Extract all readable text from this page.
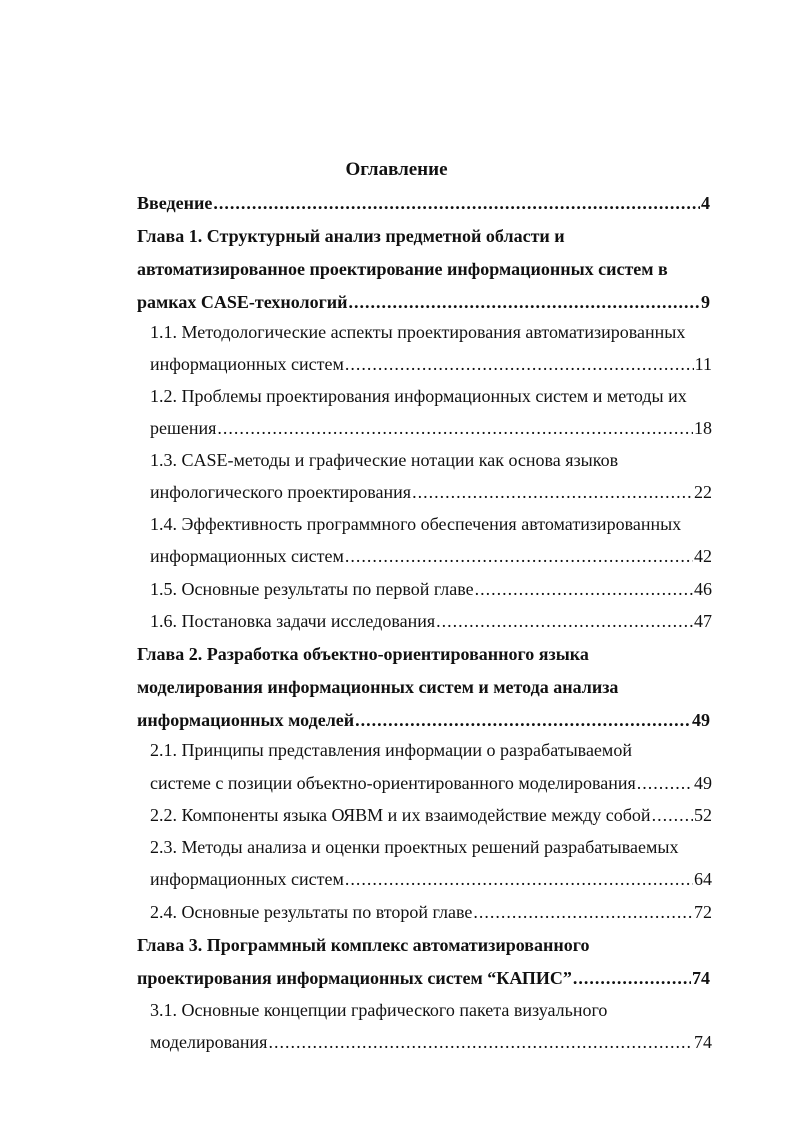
Оглавление
Введение .....	4
Глава 1. Структурный анализ предметной области и
автоматизированное проектирование информационных систем в
рамках CASE-технологий .....	9
1.1. Методологические аспекты проектирования автоматизированных
информационных систем .....	11
1.2. Проблемы проектирования информационных систем и методы их
решения .....	18
1.3. CASE-методы и графические нотации как основа языков
инфологического проектирования .....	22
1.4. Эффективность программного обеспечения автоматизированных
информационных систем .....	42
1.5. Основные результаты по первой главе .....	46
1.6. Постановка задачи исследования .....	47
Глава 2. Разработка объектно-ориентированного языка
моделирования информационных систем и метода анализа
информационных моделей .....	49
2.1. Принципы представления информации о разрабатываемой
системе с позиции объектно-ориентированного моделирования .....	49
2.2. Компоненты языка ОЯВМ и их взаимодействие между собой ..... 52
2.3. Методы анализа и оценки проектных решений разрабатываемых
информационных систем .....	64
2.4. Основные результаты по второй главе .....	72
Глава 3. Программный комплекс автоматизированного
проектирования информационных систем “КАПИС” .....	74
3.1. Основные концепции графического пакета визуального
моделирования .....	74
